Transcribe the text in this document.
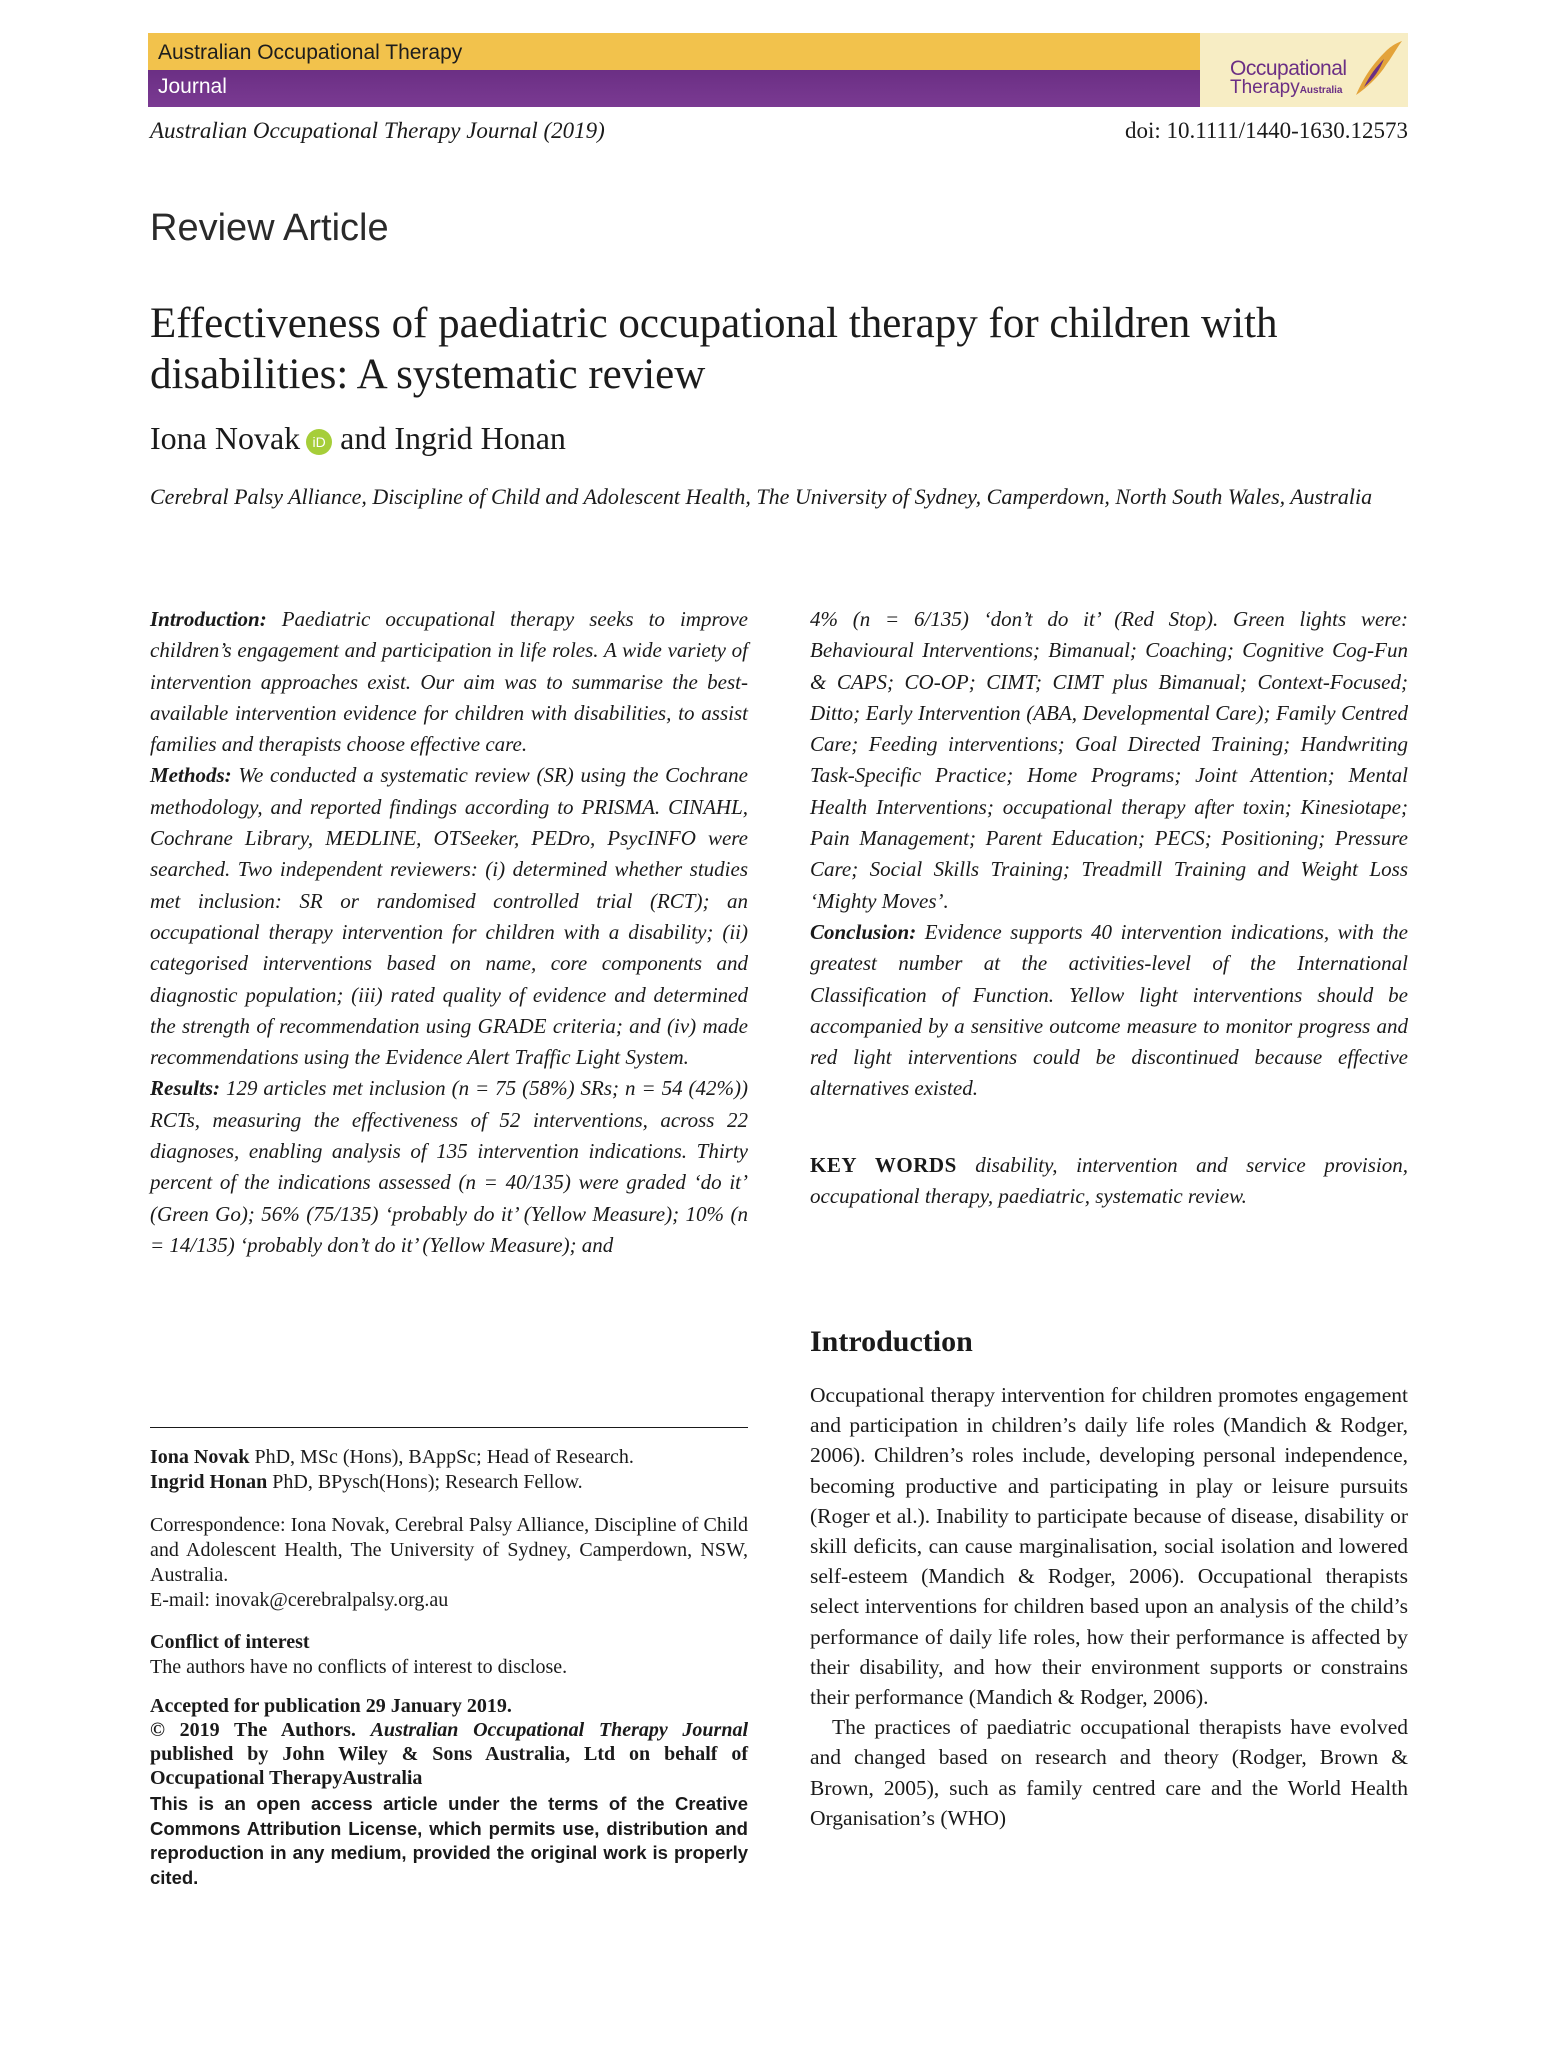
Australian Occupational Therapy
Journal
Occupational
TherapyAustralia
Australian Occupational Therapy Journal (2019)	doi: 10.1111/1440-1630.12573
Review Article
Effectiveness of paediatric occupational therapy for children with disabilities: A systematic review
Iona Novak iD and Ingrid Honan
Cerebral Palsy Alliance, Discipline of Child and Adolescent Health, The University of Sydney, Camperdown, North South Wales, Australia

Introduction: Paediatric occupational therapy seeks to improve children’s engagement and participation in life roles. A wide variety of intervention approaches exist. Our aim was to summarise the best-available intervention evidence for children with disabilities, to assist families and therapists choose effective care.

Methods: We conducted a systematic review (SR) using the Cochrane methodology, and reported findings according to PRISMA. CINAHL, Cochrane Library, MEDLINE, OTSeeker, PEDro, PsycINFO were searched. Two independent reviewers: (i) determined whether studies met inclusion: SR or randomised controlled trial (RCT); an occupational therapy intervention for children with a disability; (ii) categorised interventions based on name, core components and diagnostic population; (iii) rated quality of evidence and determined the strength of recommendation using GRADE criteria; and (iv) made recommendations using the Evidence Alert Traffic Light System.

Results: 129 articles met inclusion (n = 75 (58%) SRs; n = 54 (42%)) RCTs, measuring the effectiveness of 52 interventions, across 22 diagnoses, enabling analysis of 135 intervention indications. Thirty percent of the indications assessed (n = 40/135) were graded ‘do it’ (Green Go); 56% (75/135) ‘probably do it’ (Yellow Measure); 10% (n = 14/135) ‘probably don’t do it’ (Yellow Measure); and

4% (n = 6/135) ‘don’t do it’ (Red Stop). Green lights were: Behavioural Interventions; Bimanual; Coaching; Cognitive Cog-Fun & CAPS; CO-OP; CIMT; CIMT plus Bimanual; Context-Focused; Ditto; Early Intervention (ABA, Developmental Care); Family Centred Care; Feeding interventions; Goal Directed Training; Handwriting Task-Specific Practice; Home Programs; Joint Attention; Mental Health Interventions; occupational therapy after toxin; Kinesiotape; Pain Management; Parent Education; PECS; Positioning; Pressure Care; Social Skills Training; Treadmill Training and Weight Loss ‘Mighty Moves’.

Conclusion: Evidence supports 40 intervention indications, with the greatest number at the activities-level of the International Classification of Function. Yellow light interventions should be accompanied by a sensitive outcome measure to monitor progress and red light interventions could be discontinued because effective alternatives existed.

KEY WORDS disability, intervention and service provision, occupational therapy, paediatric, systematic review.

Iona Novak PhD, MSc (Hons), BAppSc; Head of Research.

Ingrid Honan PhD, BPysch(Hons); Research Fellow.

Correspondence: Iona Novak, Cerebral Palsy Alliance, Discipline of Child and Adolescent Health, The University of Sydney, Camperdown, NSW, Australia.

E-mail: inovak@cerebralpalsy.org.au

Conflict of interest

The authors have no conflicts of interest to disclose.

Accepted for publication 29 January 2019.

© 2019 The Authors. Australian Occupational Therapy Journal published by John Wiley & Sons Australia, Ltd on behalf of Occupational TherapyAustralia

This is an open access article under the terms of the Creative Commons Attribution License, which permits use, distribution and reproduction in any medium, provided the original work is properly cited.
Introduction

Occupational therapy intervention for children promotes engagement and participation in children’s daily life roles (Mandich & Rodger, 2006). Children’s roles include, developing personal independence, becoming productive and participating in play or leisure pursuits (Roger et al.). Inability to participate because of disease, disability or skill deficits, can cause marginalisation, social isolation and lowered self-esteem (Mandich & Rodger, 2006). Occupational therapists select interventions for children based upon an analysis of the child’s performance of daily life roles, how their performance is affected by their disability, and how their environment supports or constrains their performance (Mandich & Rodger, 2006).

The practices of paediatric occupational therapists have evolved and changed based on research and theory (Rodger, Brown & Brown, 2005), such as family centred care and the World Health Organisation’s (WHO)
